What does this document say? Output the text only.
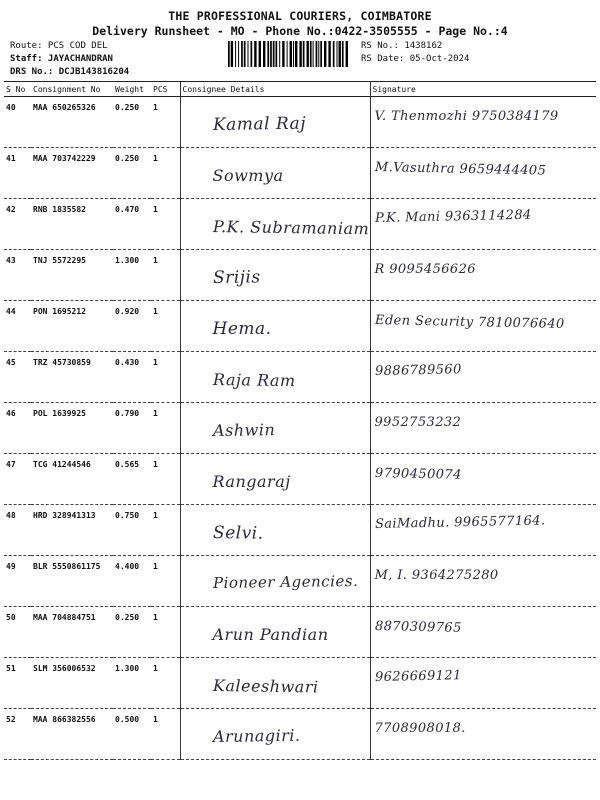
THE PROFESSIONAL COURIERS, COIMBATORE
Delivery Runsheet - MO - Phone No.:0422-3505555 - Page No.:4
Route: PCS COD DEL
Staff: JAYACHANDRAN
DRS No.: DCJB143816204
RS No.: 1438162
RS Date: 05-Oct-2024
S No	Consignment No	Weight	PCS	Consignee Details	Signature
40	MAA 650265326	0.250	1	Kamal Raj	V. Thenmozhi 9750384179

41	MAA 703742229	0.250	1	Sowmya	M.Vasuthra 9659444405

42	RNB 1835582	0.470	1	P.K. Subramaniam	P.K. Mani 9363114284

43	TNJ 5572295	1.300	1	Srijis	R 9095456626

44	PON 1695212	0.920	1	Hema.	Eden Security 7810076640

45	TRZ 45730859	0.430	1	Raja Ram	9886789560

46	POL 1639925	0.790	1	Ashwin	9952753232

47	TCG 41244546	0.565	1	Rangaraj	9790450074

48	HRD 328941313	0.750	1	Selvi.	SaiMadhu. 9965577164.

49	BLR 5550861175	4.400	1	Pioneer Agencies.	M, I. 9364275280

50	MAA 704884751	0.250	1	Arun Pandian	8870309765

51	SLM 356006532	1.300	1	Kaleeshwari	9626669121

52	MAA 866382556	0.500	1	Arunagiri.	7708908018.
